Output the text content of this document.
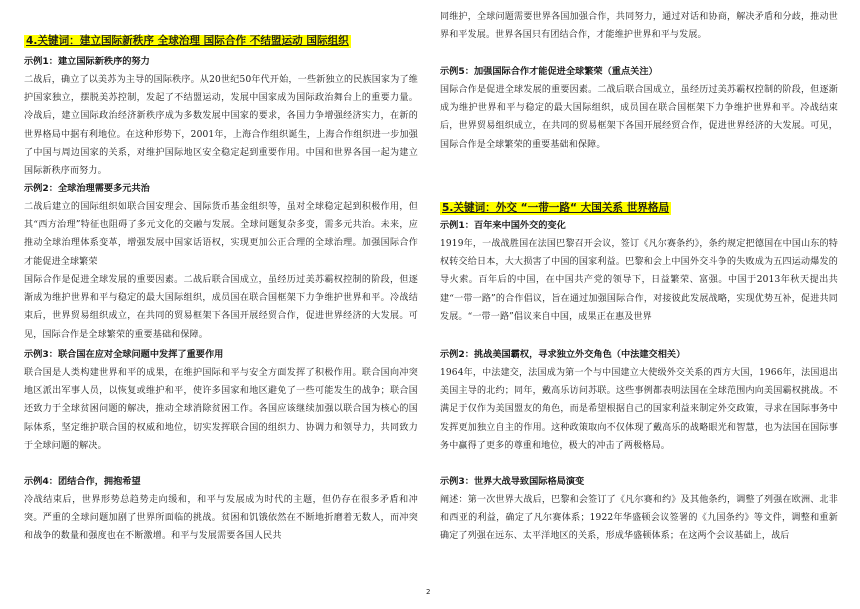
4.关键词：建立国际新秩序 全球治理 国际合作 不结盟运动 国际组织
示例1：建立国际新秩序的努力
二战后，确立了以美苏为主导的国际秩序。从20世纪50年代开始，一些新独立的民族国家为了维护国家独立，摆脱美苏控制，发起了不结盟运动，发展中国家成为国际政治舞台上的重要力量。冷战后，建立国际政治经济新秩序成为多数发展中国家的要求，各国力争增强经济实力，在新的世界格局中据有利地位。在这种形势下，2001年，上海合作组织诞生，上海合作组织进一步加强了中国与周边国家的关系，对维护国际地区安全稳定起到重要作用。中国和世界各国一起为建立国际新秩序而努力。
示例2：全球治理需要多元共治
二战后建立的国际组织如联合国安理会、国际货币基金组织等，虽对全球稳定起到积极作用，但其“西方治理”特征也阻碍了多元文化的交融与发展。全球问题复杂多变，需多元共治。未来，应推动全球治理体系变革，增强发展中国家话语权，实现更加公正合理的全球治理。加强国际合作才能促进全球繁荣
国际合作是促进全球发展的重要因素。二战后联合国成立，虽经历过美苏霸权控制的阶段，但逐渐成为维护世界和平与稳定的最大国际组织，成员国在联合国框架下力争维护世界和平。冷战结束后，世界贸易组织成立，在共同的贸易框架下各国开展经贸合作，促进世界经济的大发展。可见，国际合作是全球繁荣的重要基础和保障。
示例3：联合国在应对全球问题中发挥了重要作用
联合国是人类构建世界和平的成果，在维护国际和平与安全方面发挥了积极作用。联合国向冲突地区派出军事人员，以恢复或维护和平，使许多国家和地区避免了一些可能发生的战争；联合国还致力于全球贫困问题的解决，推动全球消除贫困工作。各国应该继续加强以联合国为核心的国际体系，坚定维护联合国的权威和地位，切实发挥联合国的组织力、协调力和领导力，共同致力于全球问题的解决。
示例4：团结合作，拥抱希望
冷战结束后，世界形势总趋势走向缓和，和平与发展成为时代的主题，但仍存在很多矛盾和冲突。严重的全球问题加剧了世界所面临的挑战。贫困和饥饿依然在不断地折磨着无数人，而冲突和战争的数量和强度也在不断激增。和平与发展需要各国人民共
同维护，全球问题需要世界各国加强合作，共同努力，通过对话和协商，解决矛盾和分歧，推动世界和平发展。世界各国只有团结合作，才能维护世界和平与发展。
示例5：加强国际合作才能促进全球繁荣（重点关注）
国际合作是促进全球发展的重要因素。二战后联合国成立，虽经历过美苏霸权控制的阶段，但逐渐成为维护世界和平与稳定的最大国际组织，成员国在联合国框架下力争维护世界和平。冷战结束后，世界贸易组织成立，在共同的贸易框架下各国开展经贸合作，促进世界经济的大发展。可见，国际合作是全球繁荣的重要基础和保障。
5.关键词：外交 “一带一路“ 大国关系 世界格局
示例1：百年来中国外交的变化
1919年，一战战胜国在法国巴黎召开会议，签订《凡尔赛条约》，条约规定把德国在中国山东的特权转交给日本，大大损害了中国的国家利益。巴黎和会上中国外交斗争的失败成为五四运动爆发的导火索。百年后的中国，在中国共产党的领导下，日益繁荣、富强。中国于2013年秋天提出共建“一带一路”的合作倡议，旨在通过加强国际合作，对接彼此发展战略，实现优势互补，促进共同发展。“一带一路”倡议来自中国，成果正在惠及世界
示例2：挑战美国霸权，寻求独立外交角色（中法建交相关）
1964年，中法建交，法国成为第一个与中国建立大使级外交关系的西方大国，1966年，法国退出美国主导的北约；同年，戴高乐访问苏联。这些事例都表明法国在全球范围内向美国霸权挑战。不满足于仅作为美国盟友的角色，而是希望根据自己的国家利益来制定外交政策，寻求在国际事务中发挥更加独立自主的作用。这种政策取向不仅体现了戴高乐的战略眼光和智慧，也为法国在国际事务中赢得了更多的尊重和地位，极大的冲击了两极格局。
示例3：世界大战导致国际格局演变
阐述：第一次世界大战后，巴黎和会签订了《凡尔赛和约》及其他条约，调整了列强在欧洲、北非和西亚的利益，确定了凡尔赛体系；1922年华盛顿会议签署的《九国条约》等文件，调整和重新确定了列强在远东、太平洋地区的关系，形成华盛顿体系；在这两个会议基础上，战后
2
